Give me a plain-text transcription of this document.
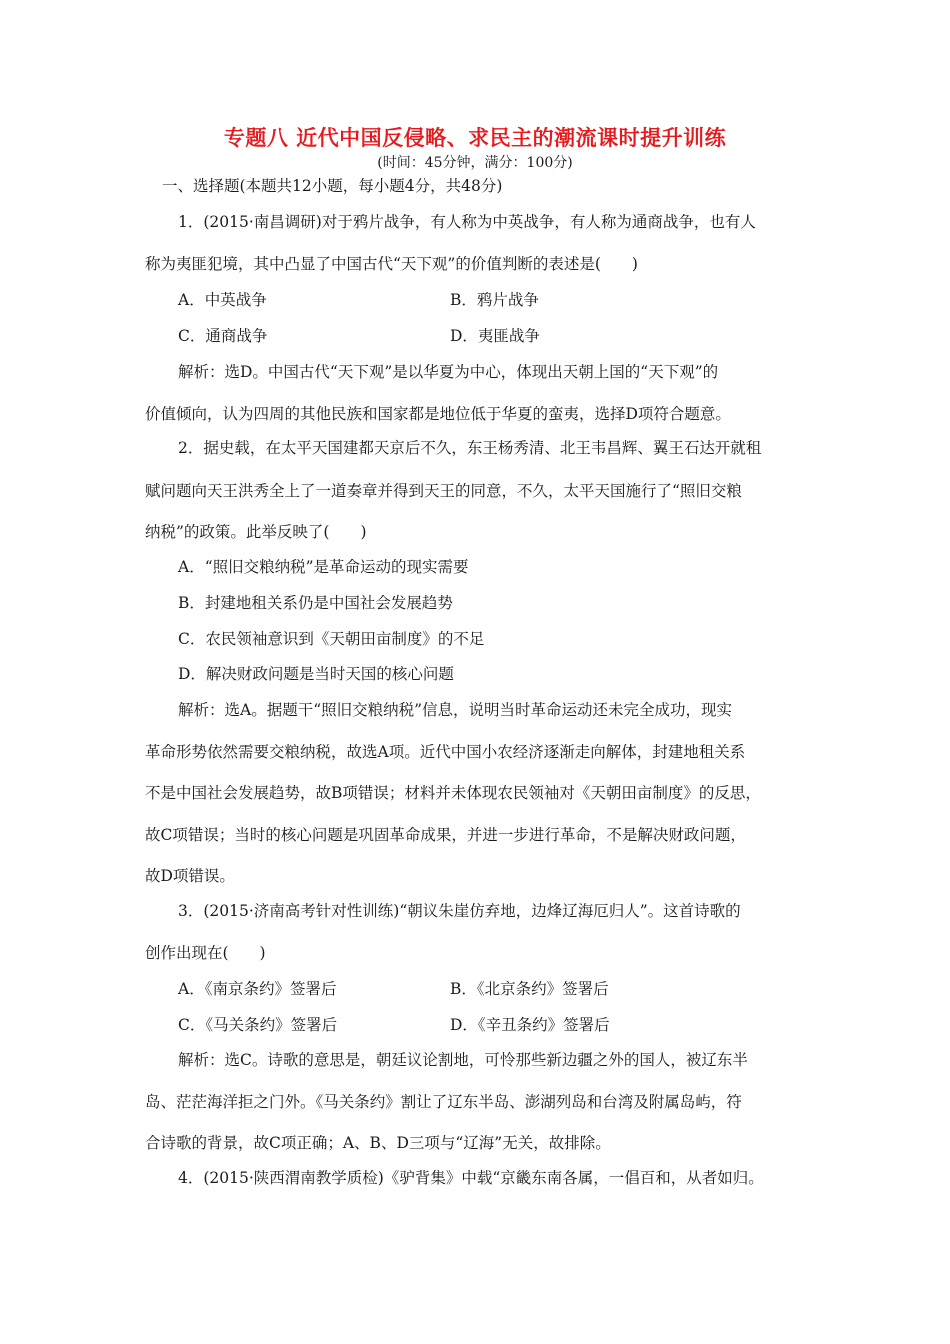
专题八 近代中国反侵略、求民主的潮流课时提升训练
(时间：45分钟，满分：100分)
一、选择题(本题共12小题，每小题4分，共48分)
1．(2015·南昌调研)对于鸦片战争，有人称为中英战争，有人称为通商战争，也有人
称为夷匪犯境，其中凸显了中国古代“天下观”的价值判断的表述是(　　)
A．中英战争	B．鸦片战争
C．通商战争	D．夷匪战争
解析：选D。中国古代“天下观”是以华夏为中心，体现出天朝上国的“天下观”的
价值倾向，认为四周的其他民族和国家都是地位低于华夏的蛮夷，选择D项符合题意。
2．据史载，在太平天国建都天京后不久，东王杨秀清、北王韦昌辉、翼王石达开就租
赋问题向天王洪秀全上了一道奏章并得到天王的同意，不久，太平天国施行了“照旧交粮
纳税”的政策。此举反映了(　　)
A．“照旧交粮纳税”是革命运动的现实需要
B．封建地租关系仍是中国社会发展趋势
C．农民领袖意识到《天朝田亩制度》的不足
D．解决财政问题是当时天国的核心问题
解析：选A。据题干“照旧交粮纳税”信息，说明当时革命运动还未完全成功，现实
革命形势依然需要交粮纳税，故选A项。近代中国小农经济逐渐走向解体，封建地租关系
不是中国社会发展趋势，故B项错误；材料并未体现农民领袖对《天朝田亩制度》的反思，
故C项错误；当时的核心问题是巩固革命成果，并进一步进行革命，不是解决财政问题，
故D项错误。
3．(2015·济南高考针对性训练)“朝议朱崖仿弃地，边烽辽海厄归人”。这首诗歌的
创作出现在(　　)
A．《南京条约》签署后	B．《北京条约》签署后
C．《马关条约》签署后	D．《辛丑条约》签署后
解析：选C。诗歌的意思是，朝廷议论割地，可怜那些新边疆之外的国人，被辽东半
岛、茫茫海洋拒之门外。《马关条约》割让了辽东半岛、澎湖列岛和台湾及附属岛屿，符
合诗歌的背景，故C项正确；A、B、D三项与“辽海”无关，故排除。
4．(2015·陕西渭南教学质检)《驴背集》中载“京畿东南各属，一倡百和，从者如归。
